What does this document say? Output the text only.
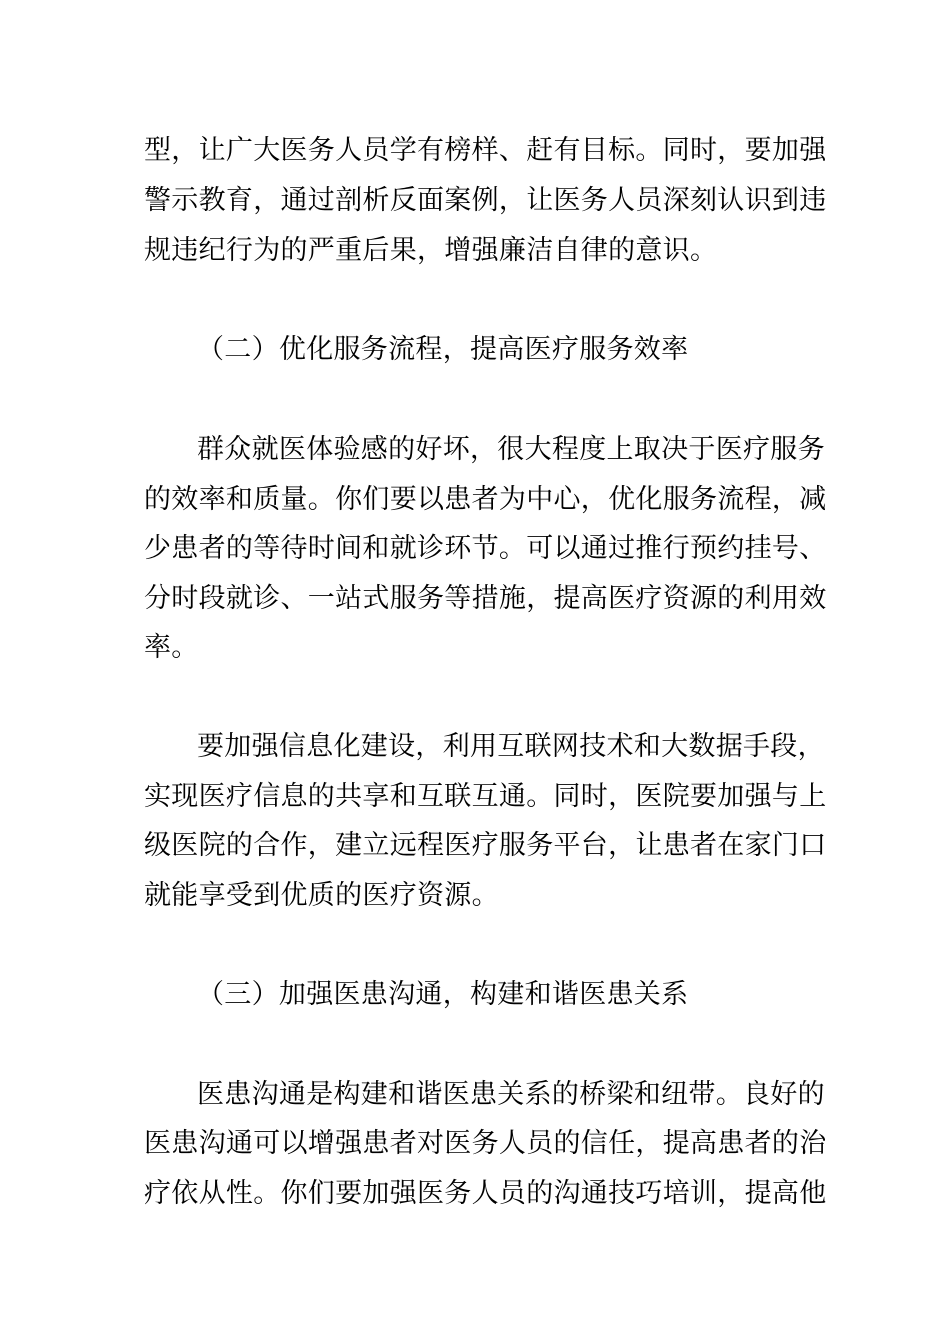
型，让广大医务人员学有榜样、赶有目标。同时，要加强
警示教育，通过剖析反面案例，让医务人员深刻认识到违
规违纪行为的严重后果，增强廉洁自律的意识。
（二）优化服务流程，提高医疗服务效率
群众就医体验感的好坏，很大程度上取决于医疗服务
的效率和质量。你们要以患者为中心，优化服务流程，减
少患者的等待时间和就诊环节。可以通过推行预约挂号、
分时段就诊、一站式服务等措施，提高医疗资源的利用效
率。
要加强信息化建设，利用互联网技术和大数据手段，
实现医疗信息的共享和互联互通。同时，医院要加强与上
级医院的合作，建立远程医疗服务平台，让患者在家门口
就能享受到优质的医疗资源。
（三）加强医患沟通，构建和谐医患关系
医患沟通是构建和谐医患关系的桥梁和纽带。良好的
医患沟通可以增强患者对医务人员的信任，提高患者的治
疗依从性。你们要加强医务人员的沟通技巧培训，提高他
